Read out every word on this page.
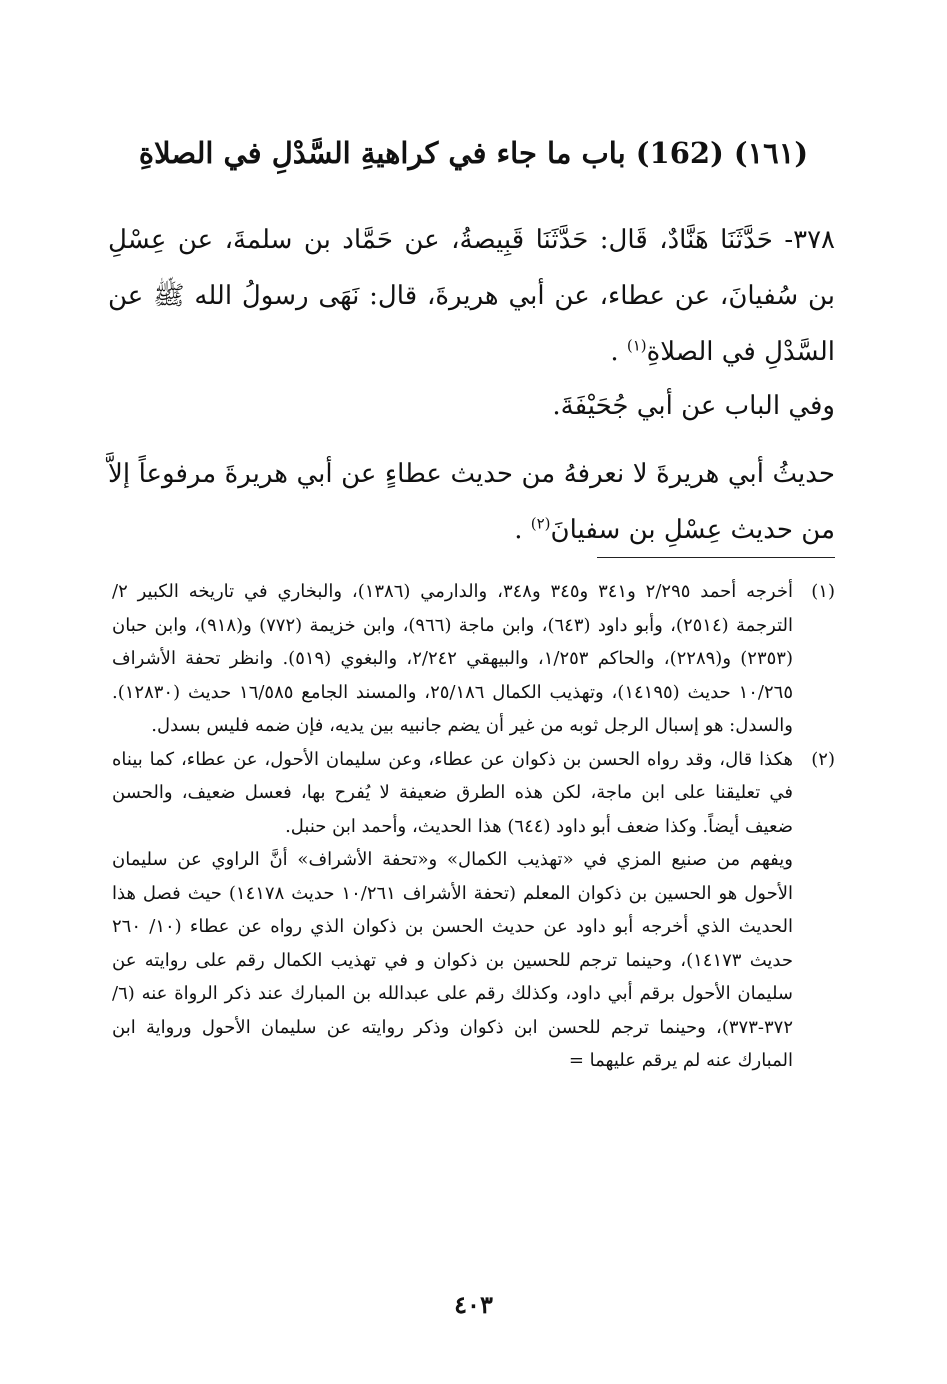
(١٦١) (162) باب ما جاء في كراهيةِ السَّدْلِ في الصلاةِ

٣٧٨- حَدَّثَنَا هَنَّادٌ، قَال: حَدَّثَنَا قَبِيصةُ، عن حَمَّاد بن سلمةَ، عن عِسْلِ بن سُفيانَ، عن عطاء، عن أبي هريرةَ، قال: نَهَى رسولُ الله ﷺ عن السَّدْلِ في الصلاةِ$^{(١)}$ .

وفي الباب عن أبي جُحَيْفَةَ.

حديثُ أبي هريرةَ لا نعرفهُ من حديث عطاءٍ عن أبي هريرةَ مرفوعاً إلاَّ من حديث عِسْلِ بن سفيانَ$^{(٢)}$ .

(١)

أخرجه أحمد ٢/٢٩٥ و٣٤١ و٣٤٥ و٣٤٨، والدارمي (١٣٨٦)، والبخاري في تاريخه الكبير ٢/الترجمة (٢٥١٤)، وأبو داود (٦٤٣)، وابن ماجة (٩٦٦)، وابن خزيمة (٧٧٢) و(٩١٨)، وابن حبان (٢٣٥٣) و(٢٢٨٩)، والحاكم ١/٢٥٣، والبيهقي ٢/٢٤٢، والبغوي (٥١٩). وانظر تحفة الأشراف ١٠/٢٦٥ حديث (١٤١٩٥)، وتهذيب الكمال ٢٥/١٨٦، والمسند الجامع ١٦/٥٨٥ حديث (١٢٨٣٠). والسدل: هو إسبال الرجل ثوبه من غير أن يضم جانبيه بين يديه، فإن ضمه فليس بسدل.

(٢)

هكذا قال، وقد رواه الحسن بن ذكوان عن عطاء، وعن سليمان الأحول، عن عطاء، كما بيناه في تعليقنا على ابن ماجة، لكن هذه الطرق ضعيفة لا يُفرح بها، فعسل ضعيف، والحسن ضعيف أيضاً. وكذا ضعف أبو داود (٦٤٤) هذا الحديث، وأحمد ابن حنبل.

ويفهم من صنيع المزي في «تهذيب الكمال» و«تحفة الأشراف» أنَّ الراوي عن سليمان الأحول هو الحسين بن ذكوان المعلم (تحفة الأشراف ١٠/٢٦١ حديث ١٤١٧٨) حيث فصل هذا الحديث الذي أخرجه أبو داود عن حديث الحسن بن ذكوان الذي رواه عن عطاء (١٠/ ٢٦٠ حديث ١٤١٧٣)، وحينما ترجم للحسين بن ذكوان و في تهذيب الكمال رقم على روايته عن سليمان الأحول برقم أبي داود، وكذلك رقم على عبدالله بن المبارك عند ذكر الرواة عنه (٦/ ٣٧٢-٣٧٣)، وحينما ترجم للحسن ابن ذكوان وذكر روايته عن سليمان الأحول ورواية ابن المبارك عنه لم يرقم عليهما =

٤٠٣
